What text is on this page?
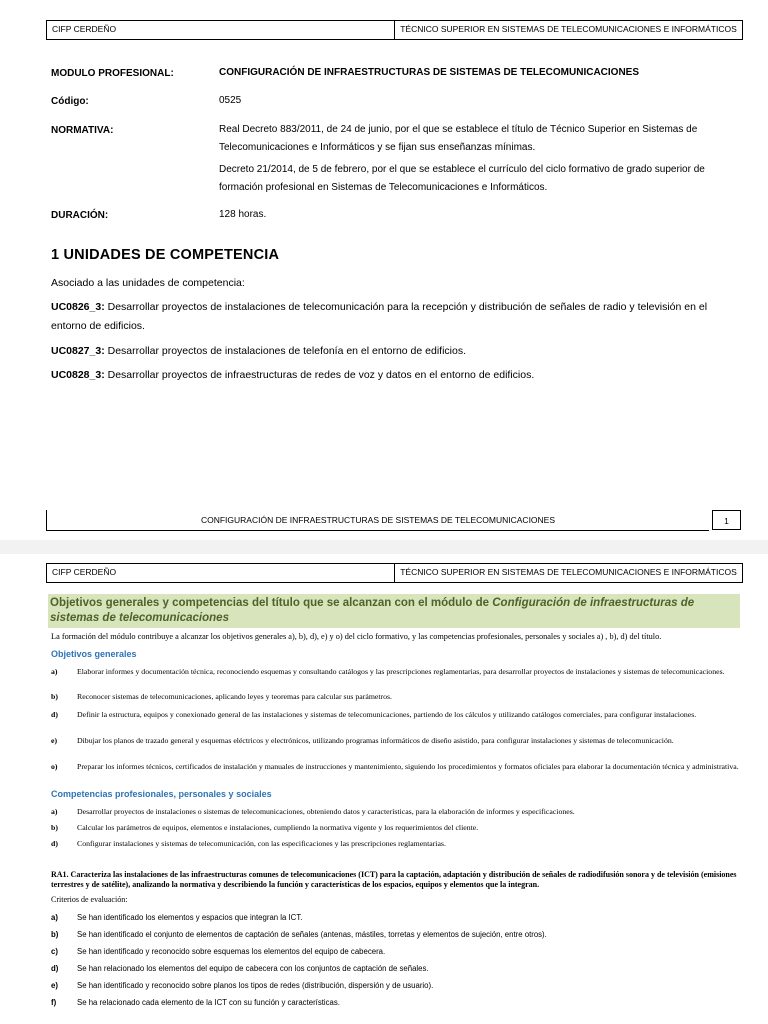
CIFP CERDEÑO	TÉCNICO SUPERIOR EN SISTEMAS DE TELECOMUNICACIONES E INFORMÁTICOS
MODULO PROFESIONAL:	CONFIGURACIÓN DE INFRAESTRUCTURAS DE SISTEMAS DE TELECOMUNICACIONES
Código:	0525
NORMATIVA:	Real Decreto 883/2011, de 24 de junio, por el que se establece el título de Técnico Superior en Sistemas de Telecomunicaciones e Informáticos y se fijan sus enseñanzas mínimas.
Decreto 21/2014, de 5 de febrero, por el que se establece el currículo del ciclo formativo de grado superior de formación profesional en Sistemas de Telecomunicaciones e Informáticos.
DURACIÓN:	128 horas.
1 UNIDADES DE COMPETENCIA
Asociado a las unidades de competencia:
UC0826_3: Desarrollar proyectos de instalaciones de telecomunicación para la recepción y distribución de señales de radio y televisión en el entorno de edificios.
UC0827_3: Desarrollar proyectos de instalaciones de telefonía en el entorno de edificios.
UC0828_3: Desarrollar proyectos de infraestructuras de redes de voz y datos en el entorno de edificios.
CONFIGURACIÓN DE INFRAESTRUCTURAS DE SISTEMAS DE TELECOMUNICACIONES	1
CIFP CERDEÑO	TÉCNICO SUPERIOR EN SISTEMAS DE TELECOMUNICACIONES E INFORMÁTICOS
Objetivos generales y competencias del título que se alcanzan con el módulo de Configuración de infraestructuras de sistemas de telecomunicaciones
La formación del módulo contribuye a alcanzar los objetivos generales a), b), d), e) y o) del ciclo formativo, y las competencias profesionales, personales y sociales a) , b), d) del título.
Objetivos generales
a)	Elaborar informes y documentación técnica, reconociendo esquemas y consultando catálogos y las prescripciones reglamentarias, para desarrollar proyectos de instalaciones y sistemas de telecomunicaciones.
b) Reconocer sistemas de telecomunicaciones, aplicando leyes y teoremas para calcular sus parámetros.
d) Definir la estructura, equipos y conexionado general de las instalaciones y sistemas de telecomunicaciones, partiendo de los cálculos y utilizando catálogos comerciales, para configurar instalaciones.
e)	Dibujar los planos de trazado general y esquemas eléctricos y electrónicos, utilizando programas informáticos de diseño asistido, para configurar instalaciones y sistemas de telecomunicación.
o)	Preparar los informes técnicos, certificados de instalación y manuales de instrucciones y mantenimiento, siguiendo los procedimientos y formatos oficiales para elaborar la documentación técnica y administrativa.
Competencias profesionales, personales y sociales
a)	Desarrollar proyectos de instalaciones o sistemas de telecomunicaciones, obteniendo datos y características, para la elaboración de informes y especificaciones.
b) Calcular los parámetros de equipos, elementos e instalaciones, cumpliendo la normativa vigente y los requerimientos del cliente.
d) Configurar instalaciones y sistemas de telecomunicación, con las especificaciones y las prescripciones reglamentarias.
RA1. Caracteriza las instalaciones de las infraestructuras comunes de telecomunicaciones (ICT) para la captación, adaptación y distribución de señales de radiodifusión sonora y de televisión (emisiones terrestres y de satélite), analizando la normativa y describiendo la función y características de los espacios, equipos y elementos que la integran.
Criterios de evaluación:
a) Se han identificado los elementos y espacios que integran la ICT.
b) Se han identificado el conjunto de elementos de captación de señales (antenas, mástiles, torretas y elementos de sujeción, entre otros).
c) Se han identificado y reconocido sobre esquemas los elementos del equipo de cabecera.
d) Se han relacionado los elementos del equipo de cabecera con los conjuntos de captación de señales.
e) Se han identificado y reconocido sobre planos los tipos de redes (distribución, dispersión y de usuario).
f)	Se ha relacionado cada elemento de la ICT con su función y características.
